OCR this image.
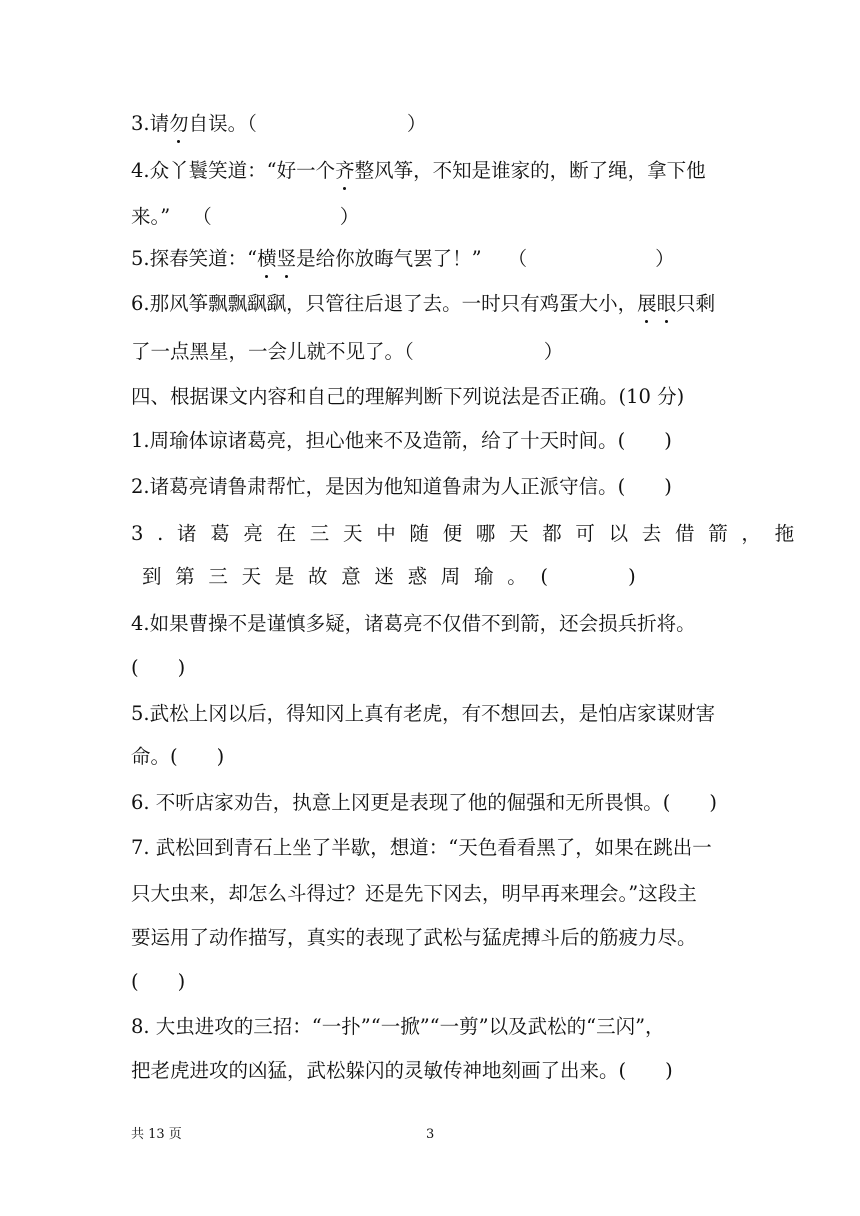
3.请勿自误。（	）
4.众丫鬟笑道：“好一个齐整风筝，不知是谁家的，断了绳，拿下他
来。” （	）
5.探春笑道：“横竖是给你放晦气罢了！” （	）
6.那风筝飘飘飖飖，只管往后退了去。一时只有鸡蛋大小，展眼只剩
了一点黑星，一会儿就不见了。（	）
四、根据课文内容和自己的理解判断下列说法是否正确。(10 分)
1.周瑜体谅诸葛亮，担心他来不及造箭，给了十天时间。(　　)
2.诸葛亮请鲁肃帮忙，是因为他知道鲁肃为人正派守信。(　　)
3.诸葛亮在三天中随便哪天都可以去借箭，拖
到第三天是故意迷惑周瑜。(　　)
4.如果曹操不是谨慎多疑，诸葛亮不仅借不到箭，还会损兵折将。
(　　)
5.武松上冈以后，得知冈上真有老虎，有不想回去，是怕店家谋财害
命。(　　)
6. 不听店家劝告，执意上冈更是表现了他的倔强和无所畏惧。(　　)
7. 武松回到青石上坐了半歇，想道：“天色看看黑了，如果在跳出一
只大虫来，却怎么斗得过？还是先下冈去，明早再来理会。”这段主
要运用了动作描写，真实的表现了武松与猛虎搏斗后的筋疲力尽。
(　　)
8. 大虫进攻的三招：“一扑”“一掀”“一剪”以及武松的“三闪”，
把老虎进攻的凶猛，武松躲闪的灵敏传神地刻画了出来。(　　)
共 13 页	3
